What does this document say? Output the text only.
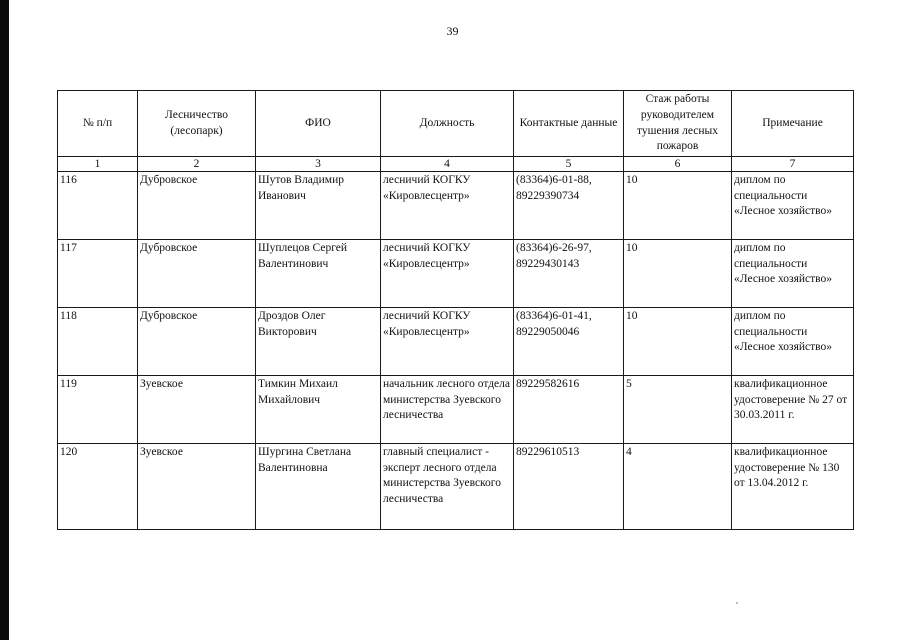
39
№ п/п	Лесничество (лесопарк)	ФИО	Должность	Контактные данные	Стаж работы руководителем тушения лесных пожаров	Примечание
1	2	3	4	5	6	7
116	Дубровское	Шутов Владимир Иванович	лесничий КОГКУ «Кировлесцентр»	(83364)6-01-88, 89229390734	10	диплом по специальности «Лесное хозяйство»
117	Дубровское	Шуплецов Сергей Валентинович	лесничий КОГКУ «Кировлесцентр»	(83364)6-26-97, 89229430143	10	диплом по специальности «Лесное хозяйство»
118	Дубровское	Дроздов Олег Викторович	лесничий КОГКУ «Кировлесцентр»	(83364)6-01-41, 89229050046	10	диплом по специальности «Лесное хозяйство»
119	Зуевское	Тимкин Михаил Михайлович	начальник лесного отдела министерства Зуевского лесничества	89229582616	5	квалификационное удостоверение № 27 от 30.03.2011 г.
120	Зуевское	Шургина Светлана Валентиновна	главный специалист - эксперт лесного отдела министерства Зуевского лесничества	89229610513	4	квалификационное удостоверение № 130 от 13.04.2012 г.
